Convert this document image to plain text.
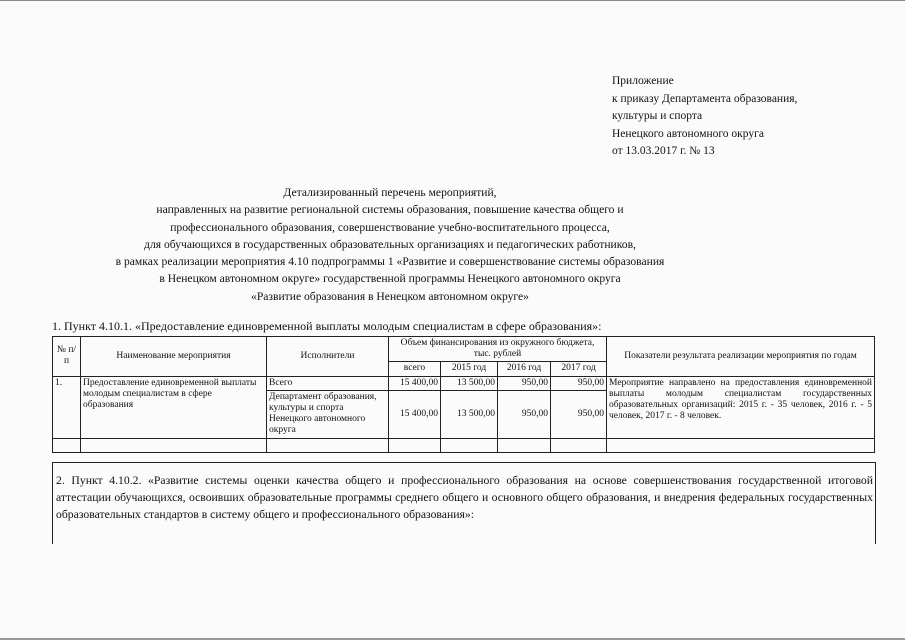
Приложение
к приказу Департамента образования,
культуры и спорта
Ненецкого автономного округа
от 13.03.2017 г. № 13
Детализированный перечень мероприятий,
направленных на развитие региональной системы образования, повышение качества общего и
профессионального образования, совершенствование учебно-воспитательного процесса,
для обучающихся в государственных образовательных организациях и педагогических работников,
в рамках реализации мероприятия 4.10 подпрограммы 1 «Развитие и совершенствование системы образования
в Ненецком автономном округе» государственной программы Ненецкого автономного округа
«Развитие образования в Ненецком автономном округе»
1. Пункт 4.10.1. «Предоставление единовременной выплаты молодым специалистам в сфере образования»:
№ п/п	Наименование мероприятия	Исполнители	Объем финансирования из окружного бюджета, тыс. рублей				Показатели результата реализации мероприятия по годам
			всего	2015 год	2016 год	2017 год	
1.	Предоставление единовременной выплаты молодым специалистам в сфере образования	Всего	15 400,00	13 500,00	950,00	950,00	Мероприятие направлено на предоставления единовременной выплаты молодым специалистам государственных образовательных организаций: 2015 г. - 35 человек, 2016 г. - 5 человек, 2017 г. - 8 человек.
		Департамент образования, культуры и спорта Ненецкого автономного округа	15 400,00	13 500,00	950,00	950,00	

2. Пункт 4.10.2. «Развитие системы оценки качества общего и профессионального образования на основе совершенствования государственной итоговой аттестации обучающихся, освоивших образовательные программы среднего общего и основного общего образования, и внедрения федеральных государственных образовательных стандартов в систему общего и профессионального образования»:
